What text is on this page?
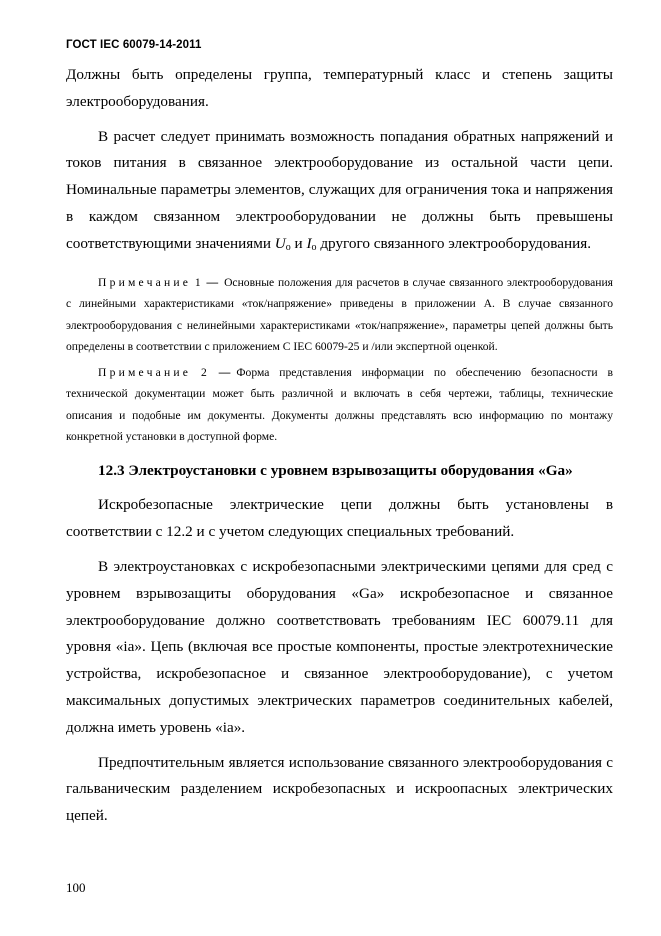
ГОСТ IEC 60079-14-2011

Должны быть определены группа, температурный класс и степень защиты электрооборудования.

В расчет следует принимать возможность попадания обратных напряжений и токов питания в связанное электрооборудование из остальной части цепи. Номинальные параметры элементов, служащих для ограничения тока и напряжения в каждом связанном электрооборудовании не должны быть превышены соответствующими значениями $U_o$ и $I_o$ другого связанного электрооборудования.

Примечание 1 — Основные положения для расчетов в случае связанного электрооборудования с линейными характеристиками «ток/напряжение» приведены в приложении А. В случае связанного электрооборудования с нелинейными характеристиками «ток/напряжение», параметры цепей должны быть определены в соответствии с приложением С IEC 60079-25 и /или экспертной оценкой.

Примечание 2 — Форма представления информации по обеспечению безопасности в технической документации может быть различной и включать в себя чертежи, таблицы, технические описания и подобные им документы. Документы должны представлять всю информацию по монтажу конкретной установки в доступной форме.

12.3 Электроустановки с уровнем взрывозащиты оборудования «Ga»

Искробезопасные электрические цепи должны быть установлены в соответствии с 12.2 и с учетом следующих специальных требований.

В электроустановках с искробезопасными электрическими цепями для сред с уровнем взрывозащиты оборудования «Ga» искробезопасное и связанное электрооборудование должно соответствовать требованиям IEC 60079.11 для уровня «ia». Цепь (включая все простые компоненты, простые электротехнические устройства, искробезопасное и связанное электрооборудование), с учетом максимальных допустимых электрических параметров соединительных кабелей, должна иметь уровень «ia».

Предпочтительным является использование связанного электрооборудования с гальваническим разделением искробезопасных и искроопасных электрических цепей.

100
